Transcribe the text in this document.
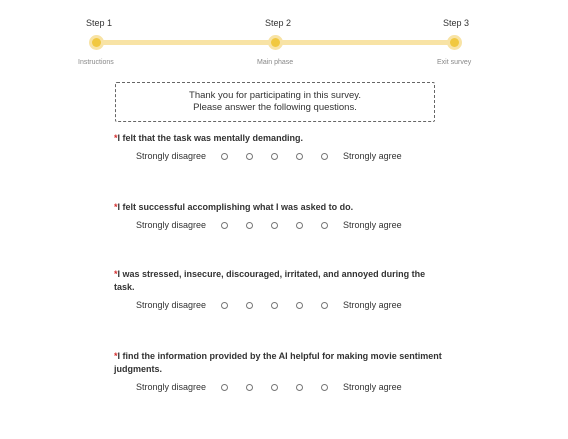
Step 1
Instructions
Step 2
Main phase
Step 3
Exit survey
Thank you for participating in this survey.
Please answer the following questions.
*I felt that the task was mentally demanding.
Strongly disagree	Strongly agree
*I felt successful accomplishing what I was asked to do.
Strongly disagree	Strongly agree
*I was stressed, insecure, discouraged, irritated, and annoyed during the task.
Strongly disagree	Strongly agree
*I find the information provided by the AI helpful for making movie sentiment judgments.
Strongly disagree	Strongly agree
